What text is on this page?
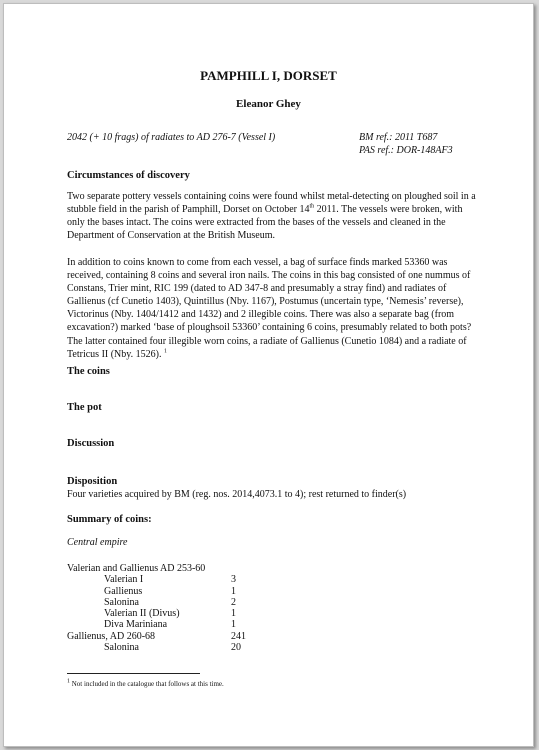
PAMPHILL I, DORSET
Eleanor Ghey
2042 (+ 10 frags) of radiates to AD 276-7 (Vessel I)	BM ref.: 2011 T687
PAS ref.: DOR-148AF3
Circumstances of discovery

Two separate pottery vessels containing coins were found whilst metal-detecting on ploughed soil in a stubble field in the parish of Pamphill, Dorset on October 14th 2011. The vessels were broken, with only the bases intact. The coins were extracted from the bases of the vessels and cleaned in the Department of Conservation at the British Museum.

In addition to coins known to come from each vessel, a bag of surface finds marked 53360 was received, containing 8 coins and several iron nails. The coins in this bag consisted of one nummus of Constans, Trier mint, RIC 199 (dated to AD 347-8 and presumably a stray find) and radiates of Gallienus (cf Cunetio 1403), Quintillus (Nby. 1167), Postumus (uncertain type, ‘Nemesis’ reverse), Victorinus (Nby. 1404/1412 and 1432) and 2 illegible coins. There was also a separate bag (from excavation?) marked ‘base of ploughsoil 53360’ containing 6 coins, presumably related to both pots? The latter contained four illegible worn coins, a radiate of Gallienus (Cunetio 1084) and a radiate of Tetricus II (Nby. 1526). $^1$

The coins
The pot
Discussion
Disposition
Four varieties acquired by BM (reg. nos. 2014,4073.1 to 4); rest returned to finder(s)
Summary of coins:
Central empire
Valerian and Gallienus AD 253-60
Valerian I	3
Gallienus	1
Salonina	2
Valerian II (Divus)	1
Diva Mariniana	1
Gallienus, AD 260-68	241
Salonina	20
$^1$ Not included in the catalogue that follows at this time.
